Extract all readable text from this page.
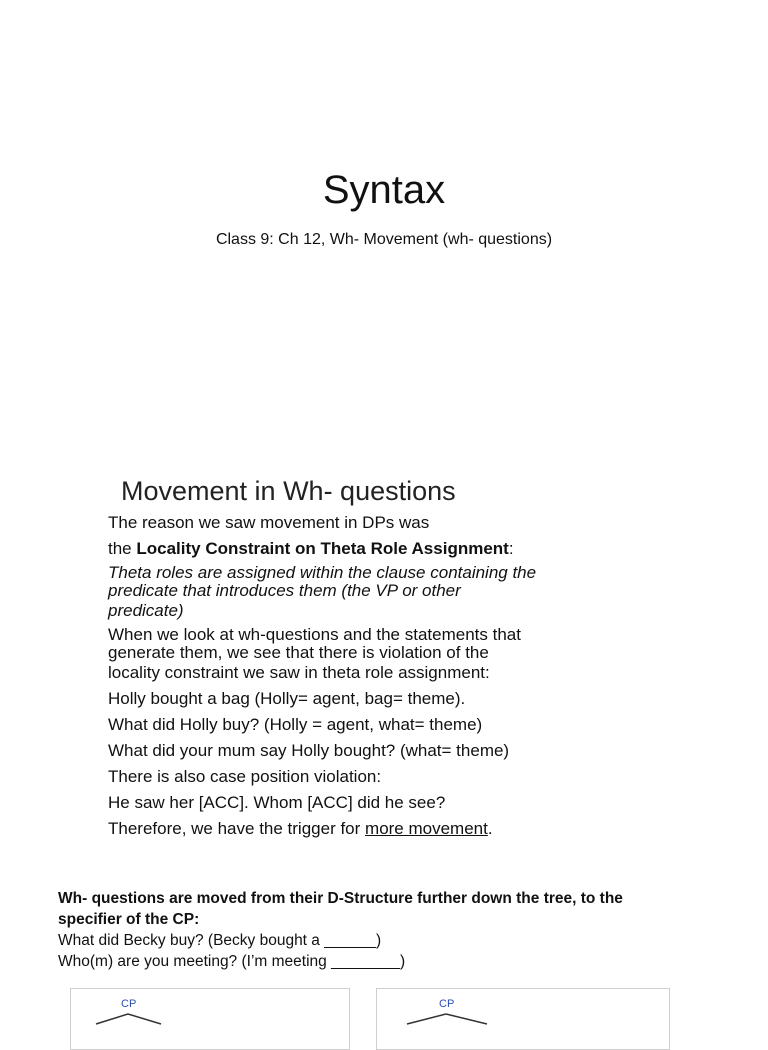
Syntax
Class 9: Ch 12, Wh- Movement (wh- questions)
Movement in Wh- questions
The reason we saw movement in DPs was
the Locality Constraint on Theta Role Assignment:
Theta roles are assigned within the clause containing the
predicate that introduces them (the VP or other
predicate)
When we look at wh-questions and the statements that
generate them, we see that there is violation of the
locality constraint we saw in theta role assignment:
Holly bought a bag (Holly= agent, bag= theme).
What did Holly buy? (Holly = agent, what= theme)
What did your mum say Holly bought? (what= theme)
There is also case position violation:
He saw her [ACC]. Whom [ACC] did he see?
Therefore, we have the trigger for more movement.
Wh- questions are moved from their D-Structure further down the tree, to the
specifier of the CP:
What did Becky buy? (Becky bought a ______)
Who(m) are you meeting? (I’m meeting ________)
CP	CP
